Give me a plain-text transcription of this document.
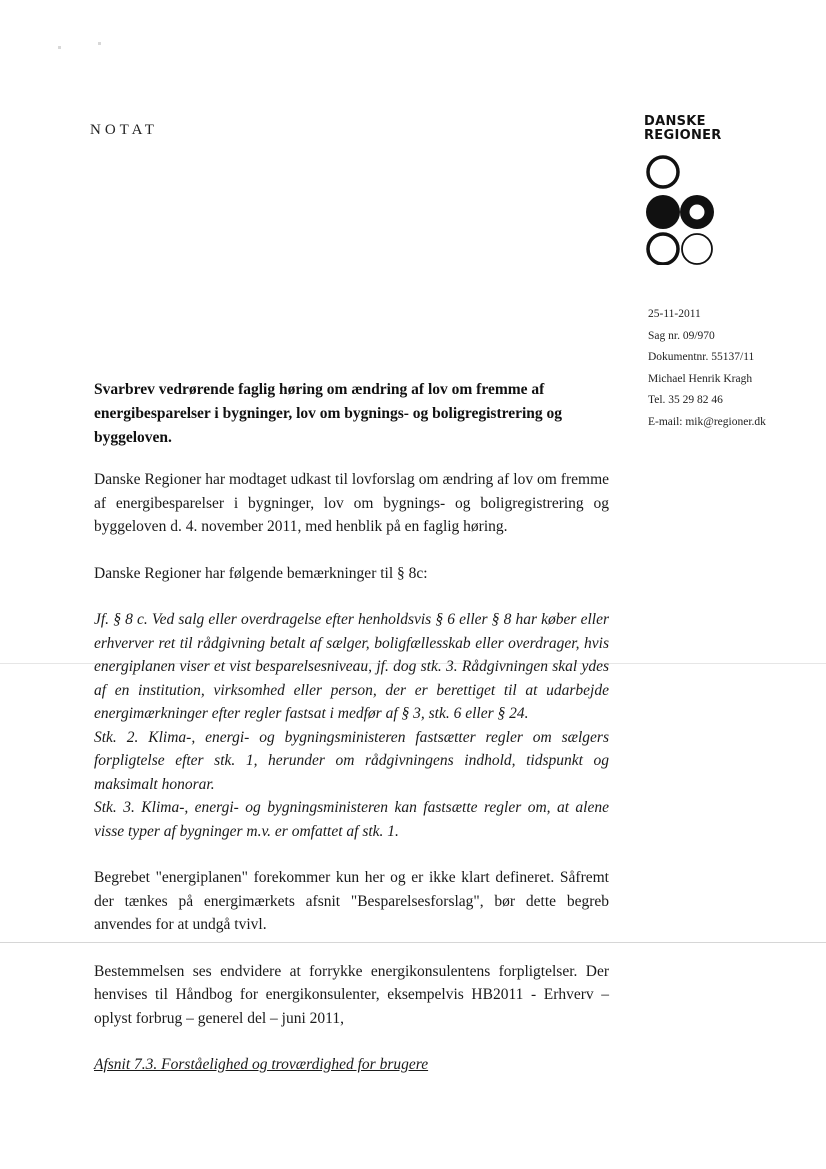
NOTAT
DANSKE
REGIONER
25-11-2011
Sag nr. 09/970
Dokumentnr. 55137/11
Michael Henrik Kragh
Tel. 35 29 82 46
E-mail: mik@regioner.dk
Svarbrev vedrørende faglig høring om ændring af lov om fremme af energibesparelser i bygninger, lov om bygnings- og boligregistrering og byggeloven.

Danske Regioner har modtaget udkast til lovforslag om ændring af lov om fremme af energibesparelser i bygninger, lov om bygnings- og boligregistrering og byggeloven d. 4. november 2011, med henblik på en faglig høring.

Danske Regioner har følgende bemærkninger til § 8c:

Jf. § 8 c. Ved salg eller overdragelse efter henholdsvis § 6 eller § 8 har køber eller erhverver ret til rådgivning betalt af sælger, boligfællesskab eller overdrager, hvis energiplanen viser et vist besparelsesniveau, jf. dog stk. 3. Rådgivningen skal ydes af en institution, virksomhed eller person, der er berettiget til at udarbejde energimærkninger efter regler fastsat i medfør af § 3, stk. 6 eller § 24.
Stk. 2. Klima-, energi- og bygningsministeren fastsætter regler om sælgers forpligtelse efter stk. 1, herunder om rådgivningens indhold, tidspunkt og maksimalt honorar.
Stk. 3. Klima-, energi- og bygningsministeren kan fastsætte regler om, at alene visse typer af bygninger m.v. er omfattet af stk. 1.

Begrebet "energiplanen" forekommer kun her og er ikke klart defineret. Såfremt der tænkes på energimærkets afsnit "Besparelsesforslag", bør dette begreb anvendes for at undgå tvivl.

Bestemmelsen ses endvidere at forrykke energikonsulentens forpligtelser. Der henvises til Håndbog for energikonsulenter, eksempelvis HB2011 - Erhverv – oplyst forbrug – generel del – juni 2011,

Afsnit 7.3. Forståelighed og troværdighed for brugere
